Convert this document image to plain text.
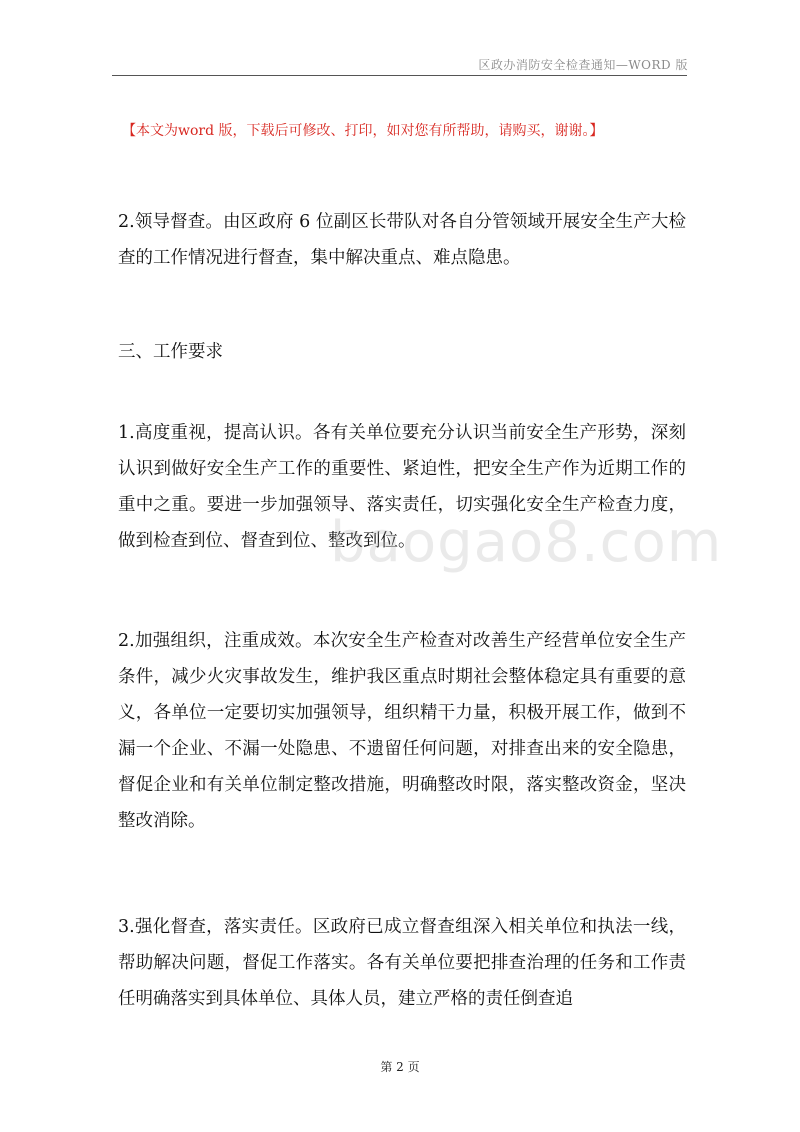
区政办消防安全检查通知—WORD 版
【本文为word 版，下载后可修改、打印，如对您有所帮助，请购买，谢谢。】

2.领导督查。由区政府 6 位副区长带队对各自分管领域开展安全生产大检查的工作情况进行督查，集中解决重点、难点隐患。

三、工作要求

1.高度重视，提高认识。各有关单位要充分认识当前安全生产形势，深刻认识到做好安全生产工作的重要性、紧迫性，把安全生产作为近期工作的重中之重。要进一步加强领导、落实责任，切实强化安全生产检查力度，做到检查到位、督查到位、整改到位。

2.加强组织，注重成效。本次安全生产检查对改善生产经营单位安全生产条件，减少火灾事故发生，维护我区重点时期社会整体稳定具有重要的意义，各单位一定要切实加强领导，组织精干力量，积极开展工作，做到不漏一个企业、不漏一处隐患、不遗留任何问题，对排查出来的安全隐患，督促企业和有关单位制定整改措施，明确整改时限，落实整改资金，坚决整改消除。

3.强化督查，落实责任。区政府已成立督查组深入相关单位和执法一线，帮助解决问题，督促工作落实。各有关单位要把排查治理的任务和工作责任明确落实到具体单位、具体人员，建立严格的责任倒查追

baogao8.com
第 2 页
